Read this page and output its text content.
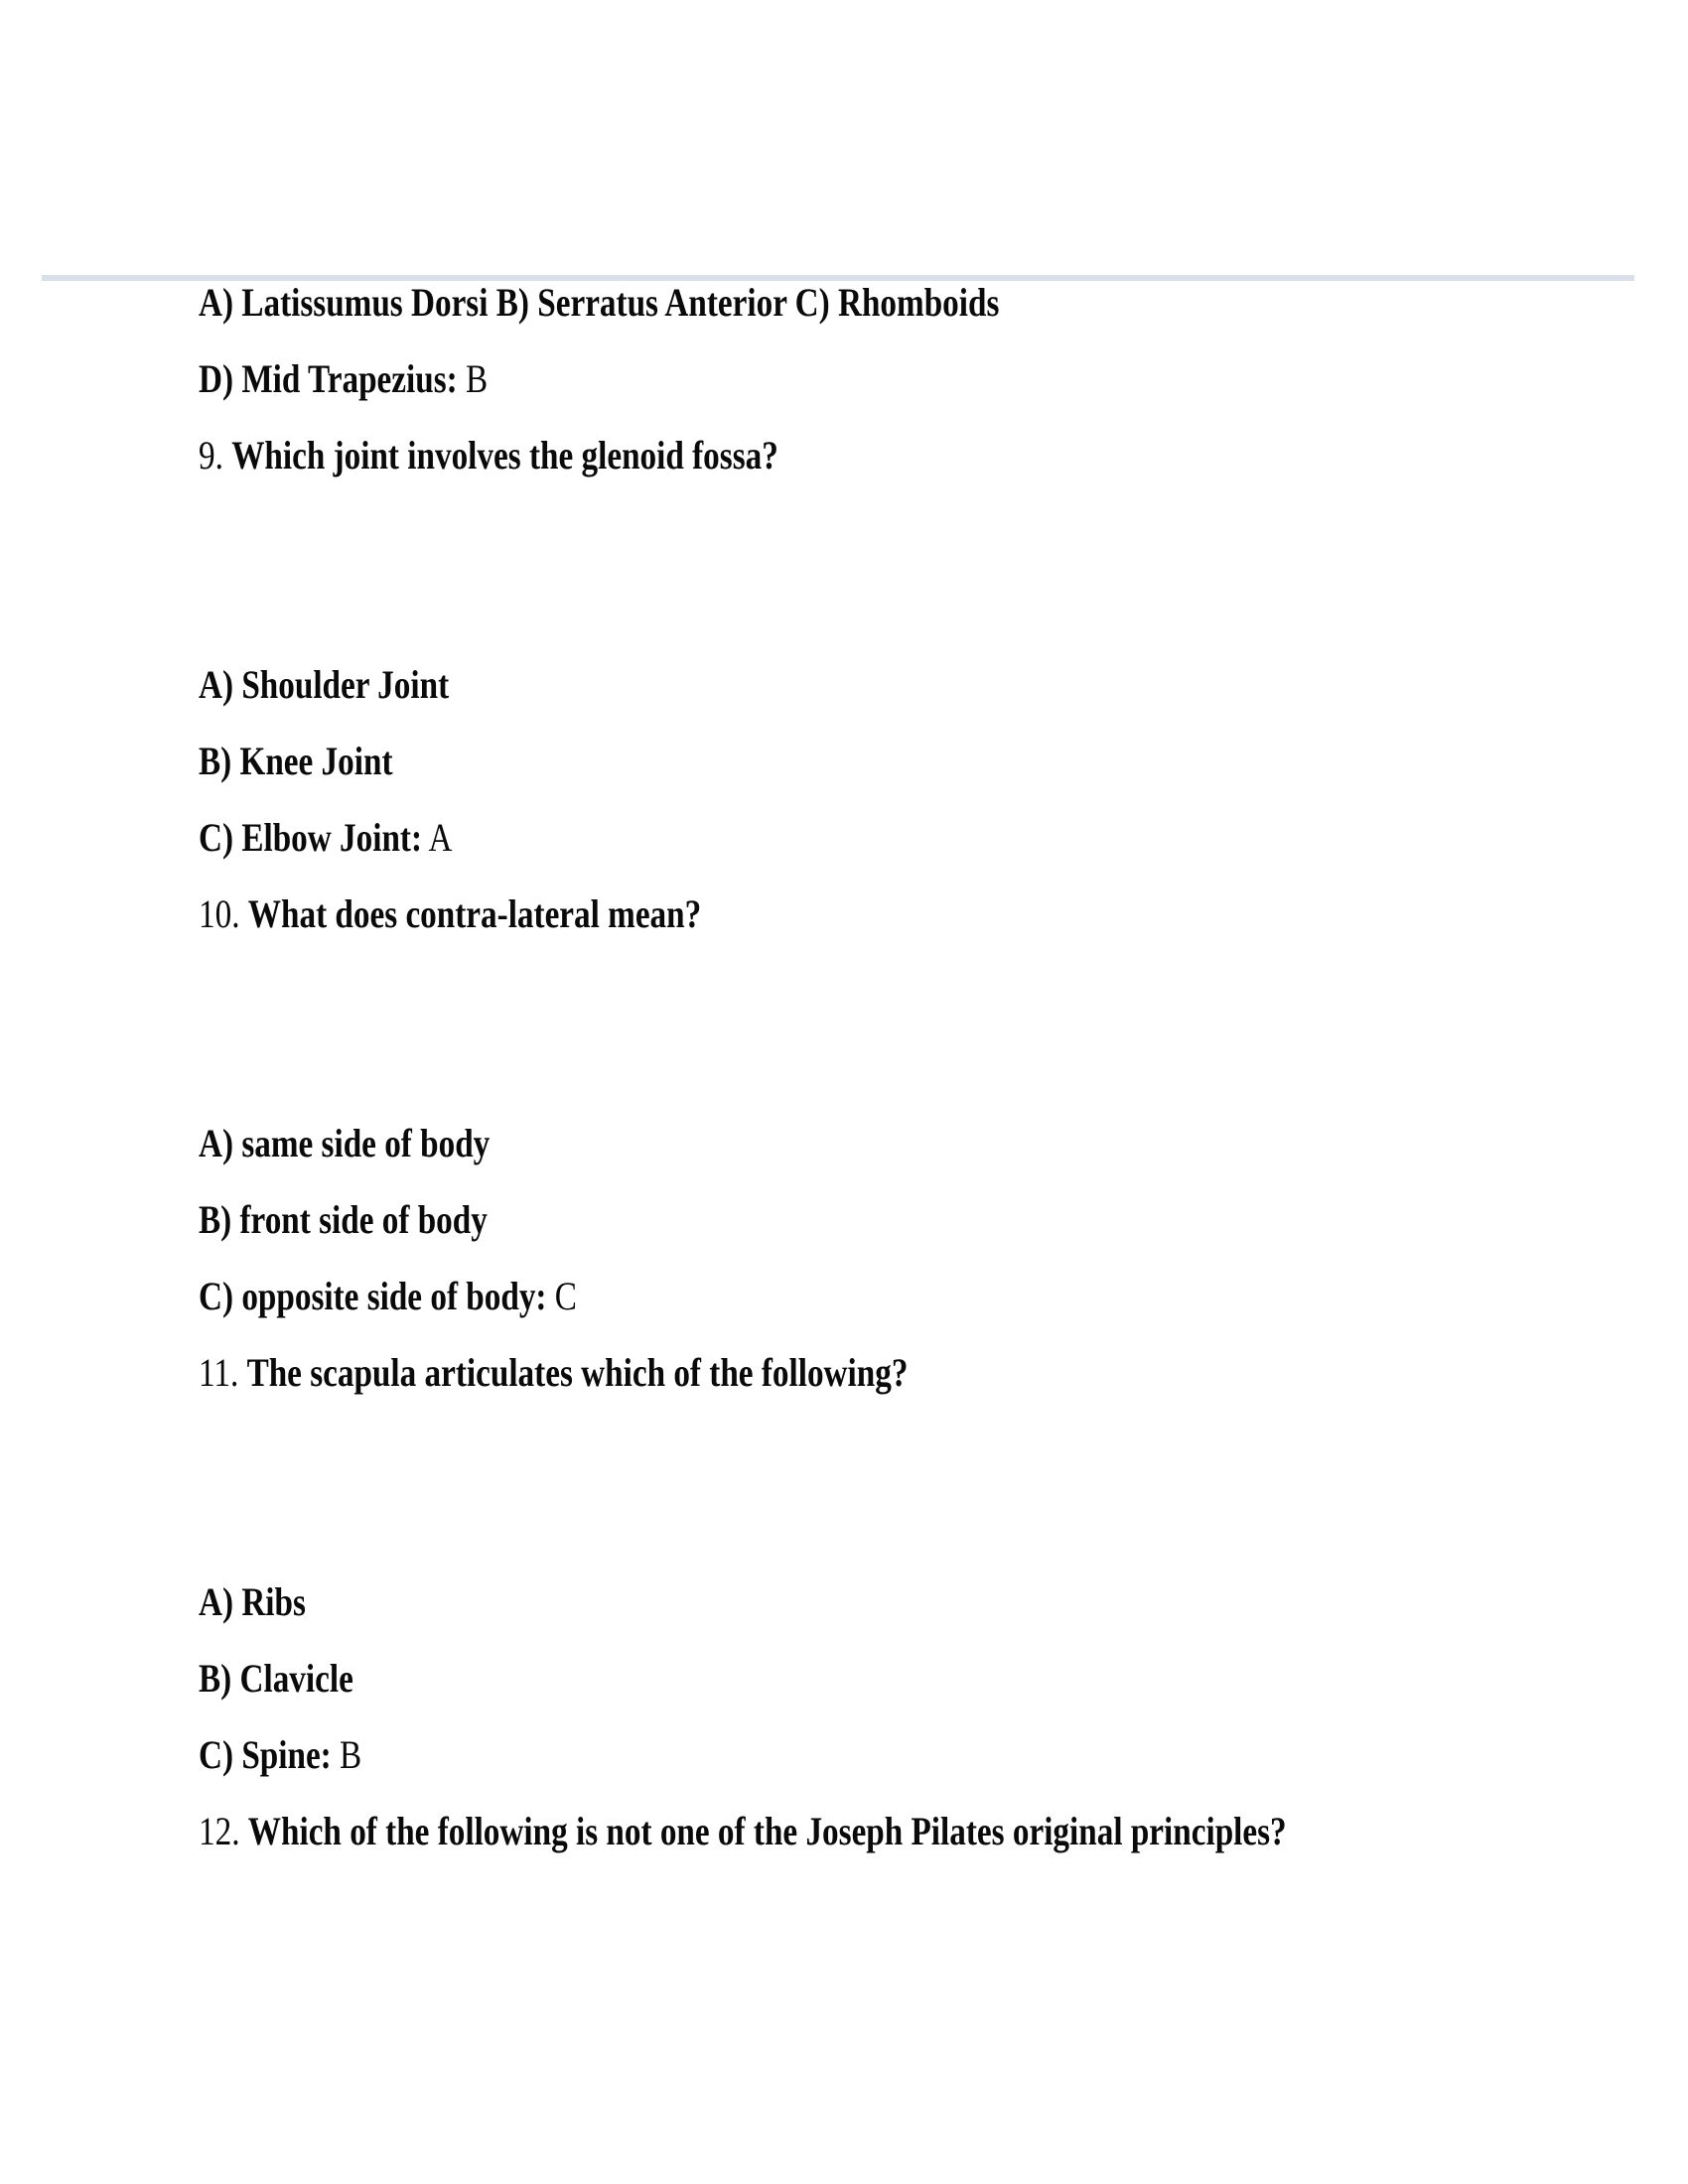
A) Latissumus Dorsi B) Serratus Anterior C) Rhomboids

D) Mid Trapezius: B

9. Which joint involves the glenoid fossa?

A) Shoulder Joint

B) Knee Joint

C) Elbow Joint: A

10. What does contra-lateral mean?

A) same side of body

B) front side of body

C) opposite side of body: C

11. The scapula articulates which of the following?

A) Ribs

B) Clavicle

C) Spine: B

12. Which of the following is not one of the Joseph Pilates original principles?
